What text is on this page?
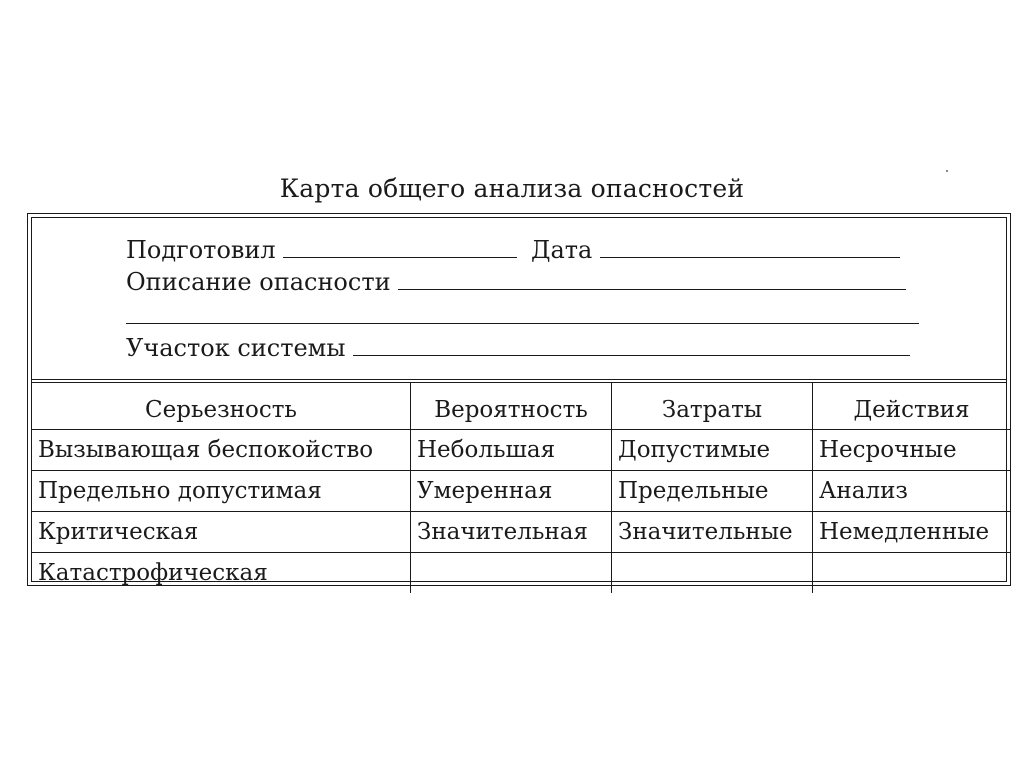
Карта общего анализа опасностей
Подготовил	Дата
Описание опасности
Участок системы
Серьезность	Вероятность	Затраты	Действия
Вызывающая беспокойство	Небольшая	Допустимые	Несрочные
Предельно допустимая	Умеренная	Предельные	Анализ
Критическая	Значительная	Значительные	Немедленные
Катастрофическая			
